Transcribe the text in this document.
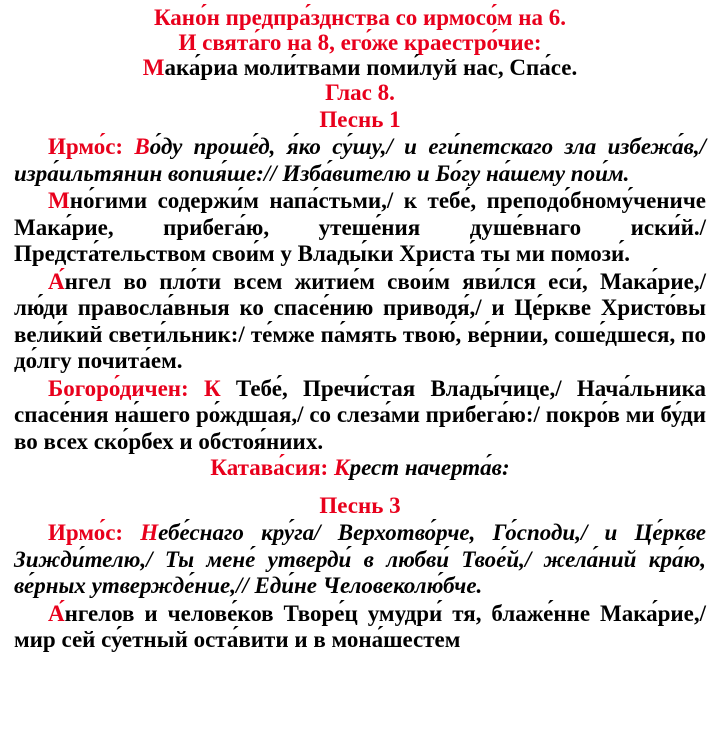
Кано́н предпра́зднства со ирмосо́м на 6.
И свята́го на 8, его́же краестро́чие:
Мака́риа моли́твами поми́луй нас, Спа́се.
Глас 8.
Песнь 1
Ирмо́с: Во́ду проше́д, я́ко су́шу,/ и еги́петскаго зла избежа́в,/ изра́ильтянин вопия́ше:// Изба́вителю и Бо́гу на́шему пои́м.
Мно́гими содержи́м напа́стьми,/ к тебе́, преподо́бному́чениче Мака́рие, прибега́ю, утеше́ния душе́внаго иски́й./ Предста́тельством свои́м у Влады́ки Христа́ ты ми помози́.
А́нгел во пло́ти всем житие́м свои́м яви́лся еси́, Мака́рие,/ лю́ди правосла́вныя ко спасе́нию приводя́,/ и Це́ркве Христо́вы вели́кий свети́льник:/ те́мже па́мять твою́, ве́рнии, соше́дшеся, по до́лгу почита́ем.
Богоро́дичен: К Тебе́, Пречи́стая Влады́чице,/ Нача́льника спасе́ния на́шего ро́ждшая,/ со слеза́ми прибега́ю:/ покро́в ми бу́ди во всех ско́рбех и обстоя́ниих.
Катава́сия: Крест начерта́в:
Песнь 3
Ирмо́с: Небе́снаго кру́га/ Верхотво́рче, Го́споди,/ и Це́ркве Зижди́телю,/ Ты мене́ утверди́ в любви́ Твое́й,/ жела́ний кра́ю, ве́рных утвержде́ние,// Еди́не Человеколю́бче.
А́нгелов и челове́ков Творе́ц умудри́ тя, блаже́нне Мака́рие,/ мир сей су́етный оста́вити и в мона́шестем
